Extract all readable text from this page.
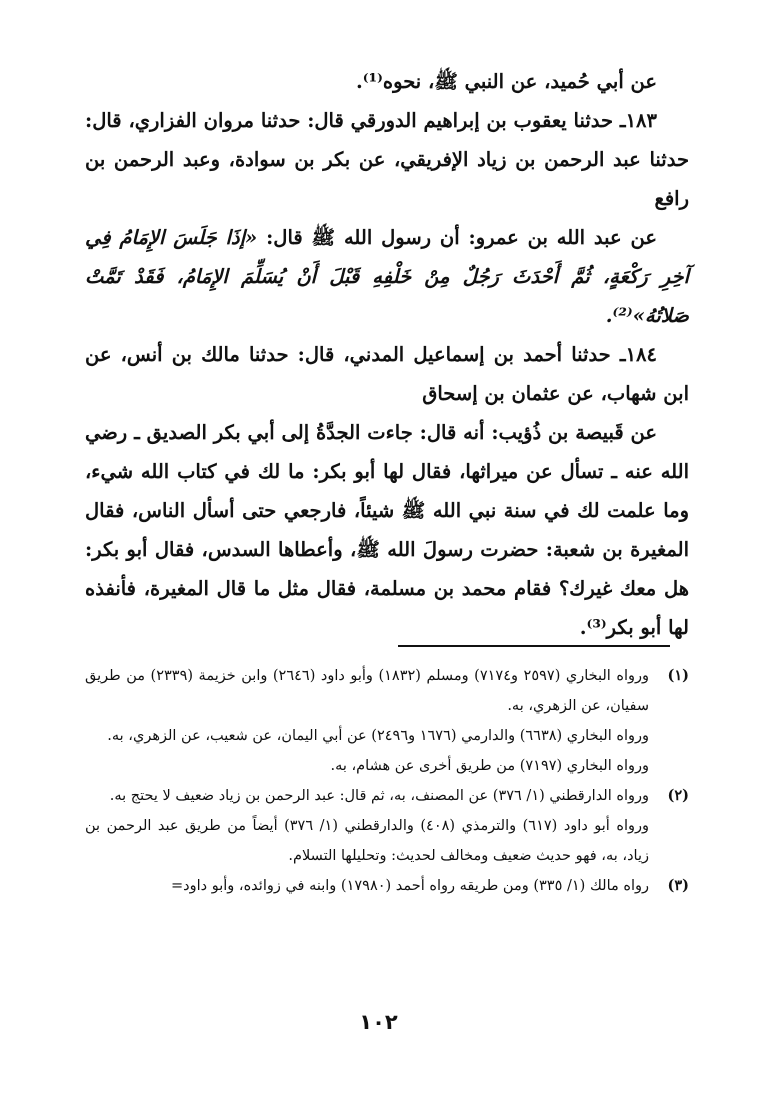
عن أبي حُميد، عن النبي ﷺ، نحوه⁽¹⁾.

١٨٣ـ حدثنا يعقوب بن إبراهيم الدورقي قال: حدثنا مروان الفزاري، قال: حدثنا عبد الرحمن بن زياد الإفريقي، عن بكر بن سوادة، وعبد الرحمن بن رافع

عن عبد الله بن عمرو: أن رسول الله ﷺ قال: «إذَا جَلَسَ الإِمَامُ فِي آخِرِ رَكْعَةٍ، ثُمَّ أَحْدَثَ رَجُلٌ مِنْ خَلْفِهِ قَبْلَ أَنْ يُسَلِّمَ الإِمَامُ، فَقَدْ تَمَّتْ صَلاتُهُ»⁽²⁾.

١٨٤ـ حدثنا أحمد بن إسماعيل المدني، قال: حدثنا مالك بن أنس، عن ابن شهاب، عن عثمان بن إسحاق

عن قَبيصة بن ذُؤيب: أنه قال: جاءت الجدَّةُ إلى أبي بكر الصديق ـ رضي الله عنه ـ تسأل عن ميراثها، فقال لها أبو بكر: ما لك في كتاب الله شيء، وما علمت لك في سنة نبي الله ﷺ شيئاً، فارجعي حتى أسأل الناس، فقال المغيرة بن شعبة: حضرت رسولَ الله ﷺ، وأعطاها السدس، فقال أبو بكر: هل معك غيرك؟ فقام محمد بن مسلمة، فقال مثل ما قال المغيرة، فأنفذه لها أبو بكر⁽³⁾.

(١)
ورواه البخاري (٢٥٩٧ و٧١٧٤) ومسلم (١٨٣٢) وأبو داود (٢٦٤٦) وابن خزيمة (٢٣٣٩) من طريق سفيان، عن الزهري، به.
ورواه البخاري (٦٦٣٨) والدارمي (١٦٧٦ و٢٤٩٦) عن أبي اليمان، عن شعيب، عن الزهري، به.
ورواه البخاري (٧١٩٧) من طريق أخرى عن هشام، به.
(٢)
ورواه الدارقطني (١/ ٣٧٦) عن المصنف، به، ثم قال: عبد الرحمن بن زياد ضعيف لا يحتج به.
ورواه أبو داود (٦١٧) والترمذي (٤٠٨) والدارقطني (١/ ٣٧٦) أيضاً من طريق عبد الرحمن بن زياد، به، فهو حديث ضعيف ومخالف لحديث: وتحليلها التسلام.
(٣)
رواه مالك (١/ ٣٣٥) ومن طريقه رواه أحمد (١٧٩٨٠) وابنه في زوائده، وأبو داود=
١٠٢
